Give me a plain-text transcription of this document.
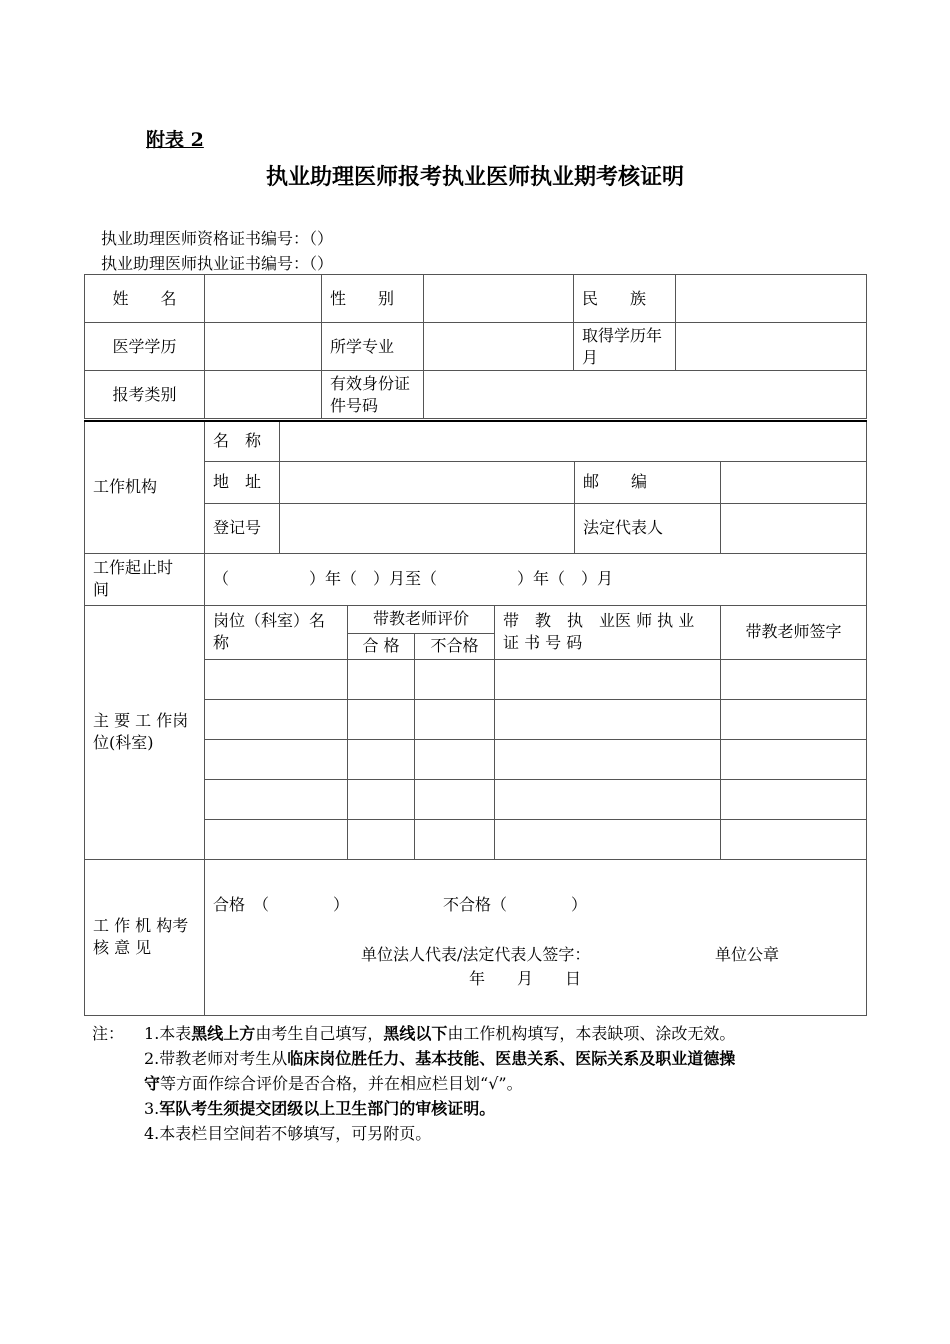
附表 2
执业助理医师报考执业医师执业期考核证明
执业助理医师资格证书编号：（）
执业助理医师执业证书编号：（）
姓　　名		性　　别		民　　族	
医学学历		所学专业		取得学历年　　月	
报考类别		有效身份证件号码			
工作机构	名　称						
	地　址					邮　　编	
	登记号					法定代表人	
工作起止时　　间	（　　　　　）年（　）月至（　　　　　）年（　）月						
主 要 工 作岗位(科室)	岗位（科室）名　　　称		带教老师评价		带　教　执　业医 师 执 业 证 书 号 码		带教老师签字
			合 格	不合格			

工 作 机 构考 核 意 见	合格　（　　　　） 不合格（　　　　）
单位法人代表/法定代表人签字： 单位公章
年　　月　　日						
注： 1.本表黑线上方由考生自己填写，黑线以下由工作机构填写，本表缺项、涂改无效。
2.带教老师对考生从临床岗位胜任力、基本技能、医患关系、医际关系及职业道德操
守等方面作综合评价是否合格，并在相应栏目划“√”。
3.军队考生须提交团级以上卫生部门的审核证明。
4.本表栏目空间若不够填写，可另附页。
